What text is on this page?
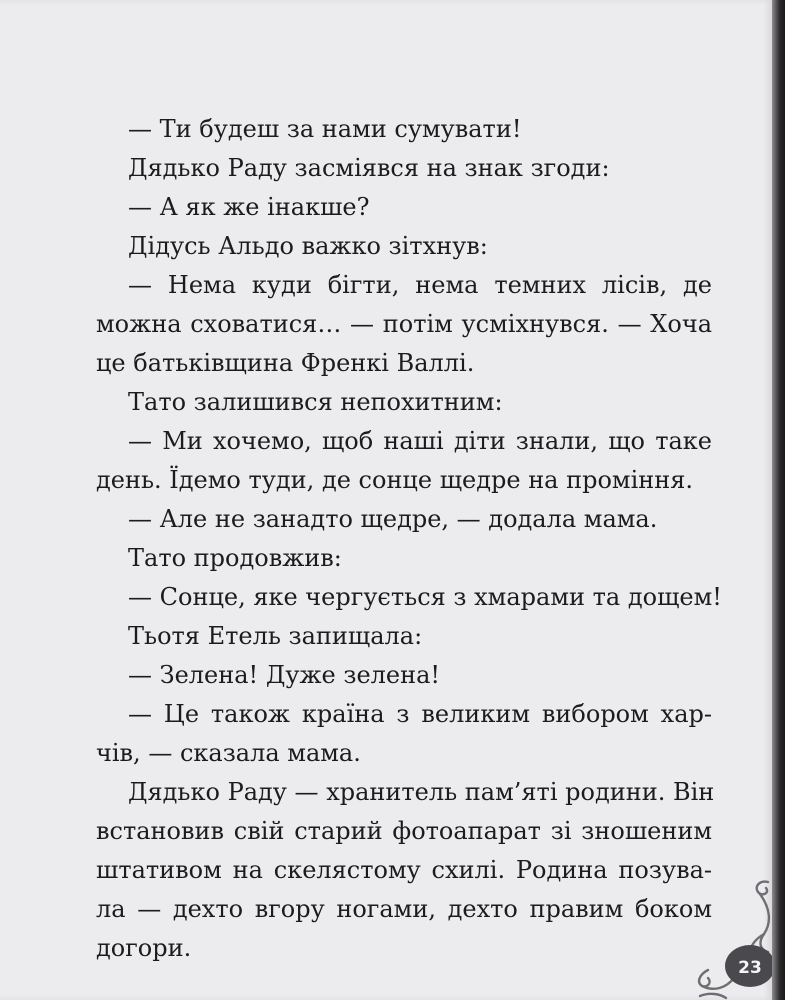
— Ти будеш за нами сумувати!
Дядько Раду засміявся на знак згоди:
— А як же інакше?
Дідусь Альдо важко зітхнув:
— Нема куди бігти, нема темних лісів, де
можна сховатися… — потім усміхнувся. — Хоча
це батьківщина Френкі Валлі.
Тато залишився непохитним:
— Ми хочемо, щоб наші діти знали, що таке
день. Їдемо туди, де сонце щедре на проміння.
— Але не занадто щедре, — додала мама.
Тато продовжив:
— Сонце, яке чергується з хмарами та дощем!
Тьотя Етель запищала:
— Зелена! Дуже зелена!
— Це також країна з великим вибором хар-
чів, — сказала мама.
Дядько Раду — хранитель пам’яті родини. Він
встановив свій старий фотоапарат зі зношеним
штативом на скелястому схилі. Родина позува-
ла — дехто вгору ногами, дехто правим боком
догори.
23
